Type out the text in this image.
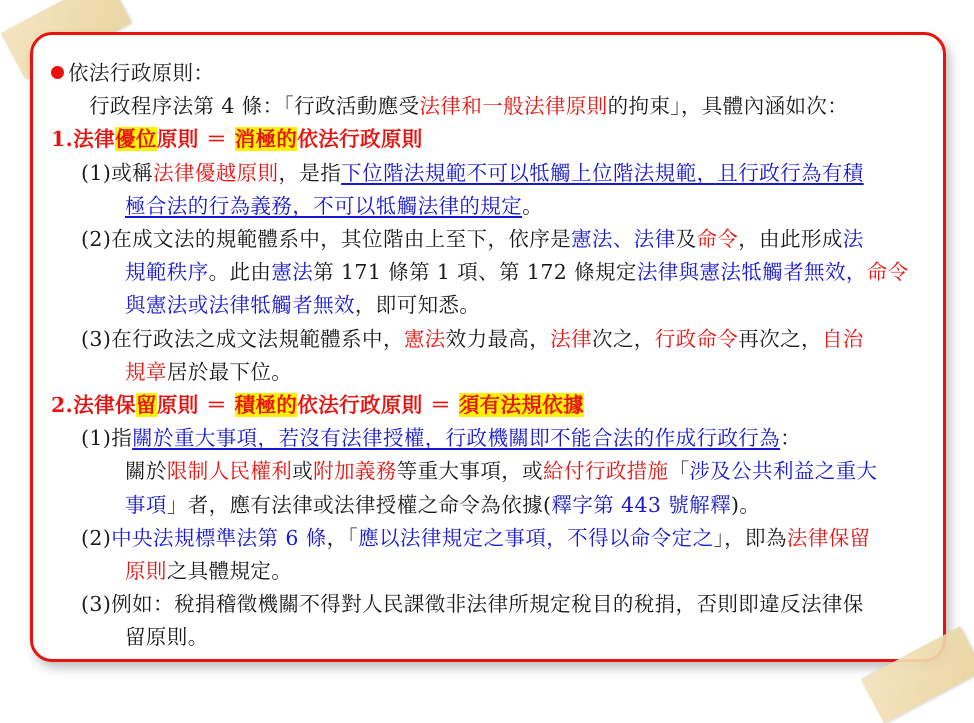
依法行政原則：
行政程序法第 4 條：「行政活動應受法律和一般法律原則的拘束」，具體內涵如次：
1.法律優位原則 ＝ 消極的依法行政原則
(1) 或稱法律優越原則，是指下位階法規範不可以牴觸上位階法規範，且行政行為有積
極合法的行為義務，不可以牴觸法律的規定。
(2) 在成文法的規範體系中，其位階由上至下，依序是憲法、法律及命令，由此形成法
規範秩序。此由憲法第 171 條第 1 項、第 172 條規定法律與憲法牴觸者無效，命令
與憲法或法律牴觸者無效，即可知悉。
(3) 在行政法之成文法規範體系中，憲法效力最高，法律次之，行政命令再次之，自治
規章居於最下位。
2.法律保留原則 ＝ 積極的依法行政原則 ＝ 須有法規依據
(1) 指關於重大事項，若沒有法律授權，行政機關即不能合法的作成行政行為：
關於限制人民權利或附加義務等重大事項，或給付行政措施「涉及公共利益之重大
事項」者，應有法律或法律授權之命令為依據(釋字第 443 號解釋)。
(2) 中央法規標準法第 6 條，「應以法律規定之事項，不得以命令定之」，即為法律保留
原則之具體規定。
(3) 例如：稅捐稽徵機關不得對人民課徵非法律所規定稅目的稅捐，否則即違反法律保
留原則。
